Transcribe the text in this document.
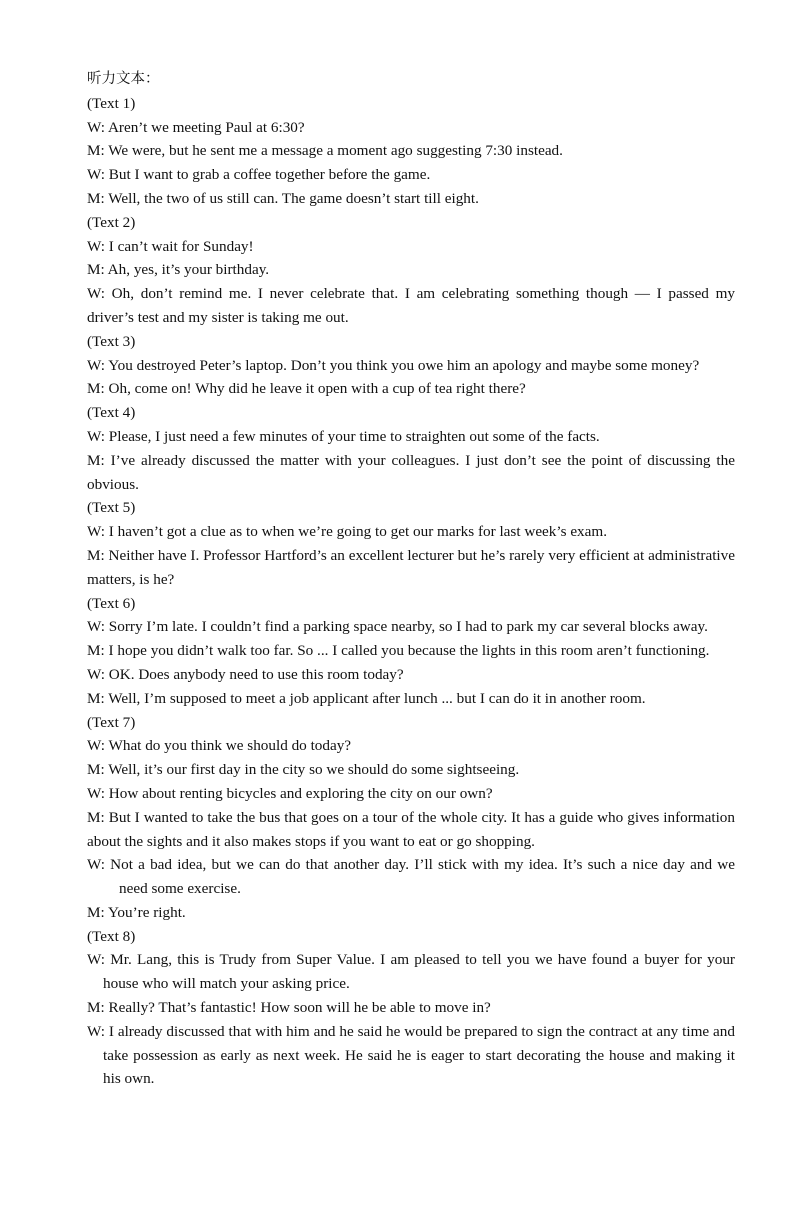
听力文本：
(Text 1)
W: Aren’t we meeting Paul at 6:30?
M: We were, but he sent me a message a moment ago suggesting 7:30 instead.
W: But I want to grab a coffee together before the game.
M: Well, the two of us still can. The game doesn’t start till eight.
(Text 2)
W: I can’t wait for Sunday!
M: Ah, yes, it’s your birthday.
W: Oh, don’t remind me. I never celebrate that. I am celebrating something though — I passed my driver’s test and my sister is taking me out.
(Text 3)
W: You destroyed Peter’s laptop. Don’t you think you owe him an apology and maybe some money?
M: Oh, come on! Why did he leave it open with a cup of tea right there?
(Text 4)
W: Please, I just need a few minutes of your time to straighten out some of the facts.
M: I’ve already discussed the matter with your colleagues. I just don’t see the point of discussing the obvious.
(Text 5)
W: I haven’t got a clue as to when we’re going to get our marks for last week’s exam.
M: Neither have I. Professor Hartford’s an excellent lecturer but he’s rarely very efficient at administrative matters, is he?
(Text 6)
W: Sorry I’m late. I couldn’t find a parking space nearby, so I had to park my car several blocks away.
M: I hope you didn’t walk too far. So ... I called you because the lights in this room aren’t functioning.
W: OK. Does anybody need to use this room today?
M: Well, I’m supposed to meet a job applicant after lunch ... but I can do it in another room.
(Text 7)
W: What do you think we should do today?
M: Well, it’s our first day in the city so we should do some sightseeing.
W: How about renting bicycles and exploring the city on our own?
M: But I wanted to take the bus that goes on a tour of the whole city. It has a guide who gives information about the sights and it also makes stops if you want to eat or go shopping.
W: Not a bad idea, but we can do that another day. I’ll stick with my idea. It’s such a nice day and we need some exercise.
M: You’re right.
(Text 8)
W: Mr. Lang, this is Trudy from Super Value. I am pleased to tell you we have found a buyer for your house who will match your asking price.
M: Really? That’s fantastic! How soon will he be able to move in?
W: I already discussed that with him and he said he would be prepared to sign the contract at any time and take possession as early as next week. He said he is eager to start decorating the house and making it his own.
